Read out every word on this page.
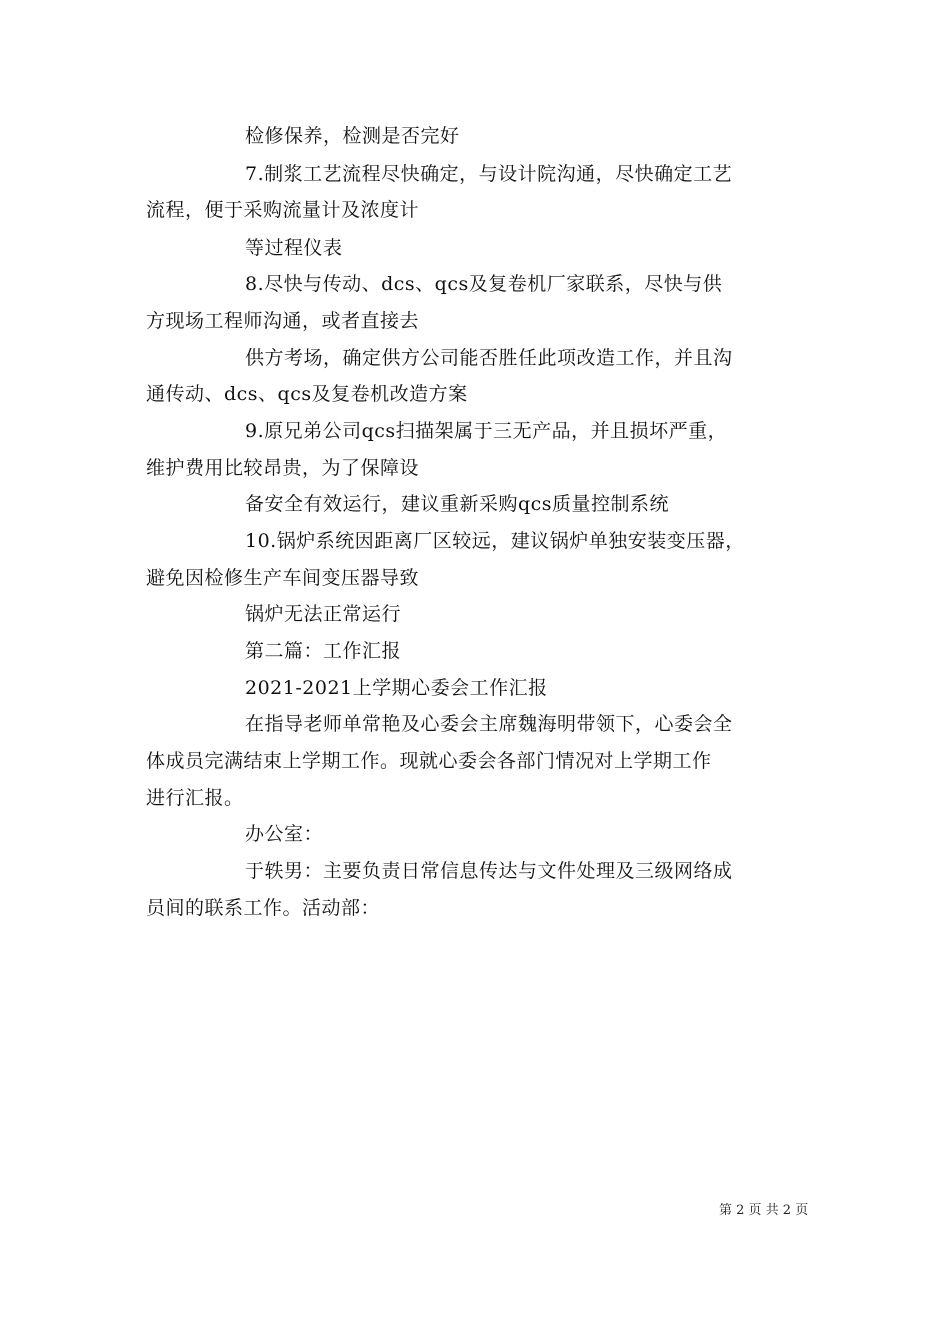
检修保养，检测是否完好
7.制浆工艺流程尽快确定，与设计院沟通，尽快确定工艺
流程，便于采购流量计及浓度计
等过程仪表
8.尽快与传动、dcs、qcs及复卷机厂家联系，尽快与供
方现场工程师沟通，或者直接去
供方考场，确定供方公司能否胜任此项改造工作，并且沟
通传动、dcs、qcs及复卷机改造方案
9.原兄弟公司qcs扫描架属于三无产品，并且损坏严重，
维护费用比较昂贵，为了保障设
备安全有效运行，建议重新采购qcs质量控制系统
10.锅炉系统因距离厂区较远，建议锅炉单独安装变压器，
避免因检修生产车间变压器导致
锅炉无法正常运行
第二篇：工作汇报
2021-2021上学期心委会工作汇报
在指导老师单常艳及心委会主席魏海明带领下，心委会全
体成员完满结束上学期工作。现就心委会各部门情况对上学期工作
进行汇报。
办公室：
于轶男：主要负责日常信息传达与文件处理及三级网络成
员间的联系工作。活动部：
第 2 页 共 2 页
